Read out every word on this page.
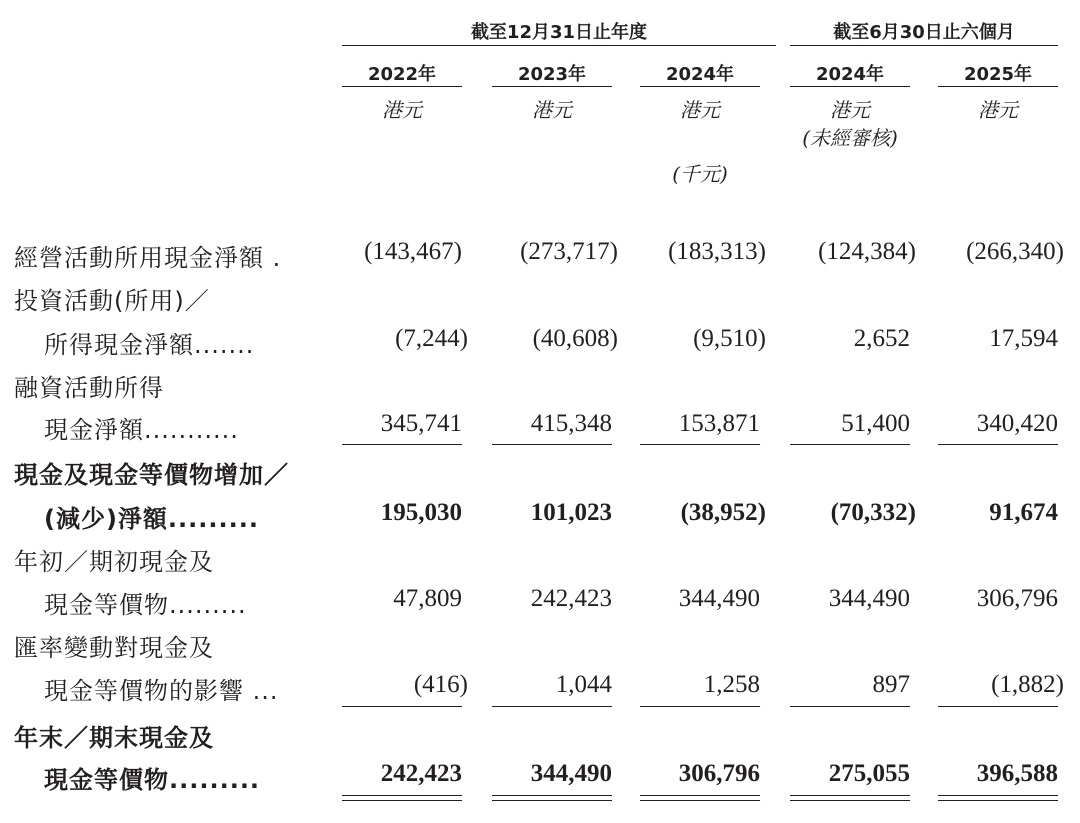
截至12月31日止年度	截至6月30日止六個月
2022年	2023年	2024年	2024年	2025年
港元	港元	港元	港元	港元
(未經審核)
(千元)
經營活動所用現金淨額 .	(143,467)	(273,717)	(183,313)	(124,384)	(266,340)
投資活動(所用)／
所得現金淨額.......	(7,244)	(40,608)	(9,510)	2,652	17,594
融資活動所得
現金淨額...........	345,741	415,348	153,871	51,400	340,420
現金及現金等價物增加／
(減少)淨額.........	195,030	101,023	(38,952)	(70,332)	91,674
年初／期初現金及
現金等價物.........	47,809	242,423	344,490	344,490	306,796
匯率變動對現金及
現金等價物的影響 ...	(416)	1,044	1,258	897	(1,882)
年末／期末現金及
現金等價物.........	242,423	344,490	306,796	275,055	396,588
